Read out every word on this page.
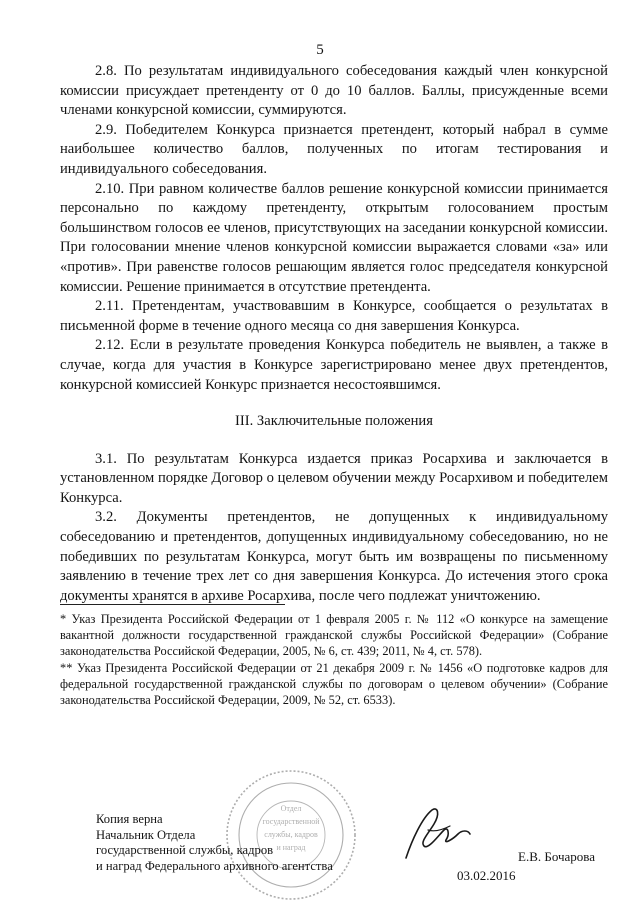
5

2.8. По результатам индивидуального собеседования каждый член конкурсной комиссии присуждает претенденту от 0 до 10 баллов. Баллы, присужденные всеми членами конкурсной комиссии, суммируются.

2.9. Победителем Конкурса признается претендент, который набрал в сумме наибольшее количество баллов, полученных по итогам тестирования и индивидуального собеседования.

2.10. При равном количестве баллов решение конкурсной комиссии принимается персонально по каждому претенденту, открытым голосованием простым большинством голосов ее членов, присутствующих на заседании конкурсной комиссии. При голосовании мнение членов конкурсной комиссии выражается словами «за» или «против». При равенстве голосов решающим является голос председателя конкурсной комиссии. Решение принимается в отсутствие претендента.

2.11. Претендентам, участвовавшим в Конкурсе, сообщается о результатах в письменной форме в течение одного месяца со дня завершения Конкурса.

2.12. Если в результате проведения Конкурса победитель не выявлен, а также в случае, когда для участия в Конкурсе зарегистрировано менее двух претендентов, конкурсной комиссией Конкурс признается несостоявшимся.

III. Заключительные положения

3.1. По результатам Конкурса издается приказ Росархива и заключается в установленном порядке Договор о целевом обучении между Росархивом и победителем Конкурса.

3.2. Документы претендентов, не допущенных к индивидуальному собеседованию и претендентов, допущенных индивидуальному собеседованию, но не победивших по результатам Конкурса, могут быть им возвращены по письменному заявлению в течение трех лет со дня завершения Конкурса. До истечения этого срока документы хранятся в архиве Росархива, после чего подлежат уничтожению.

* Указ Президента Российской Федерации от 1 февраля 2005 г. № 112 «О конкурсе на замещение вакантной должности государственной гражданской службы Российской Федерации» (Собрание законодательства Российской Федерации, 2005, № 6, ст. 439; 2011, № 4, ст. 578).

** Указ Президента Российской Федерации от 21 декабря 2009 г. № 1456 «О подготовке кадров для федеральной государственной гражданской службы по договорам о целевом обучении» (Собрание законодательства Российской Федерации, 2009, № 52, ст. 6533).

Отдел
государственной
службы, кадров
и наград
Копия верна
Начальник Отдела
государственной службы, кадров
и наград Федерального архивного агентства
Е.В. Бочарова
03.02.2016
